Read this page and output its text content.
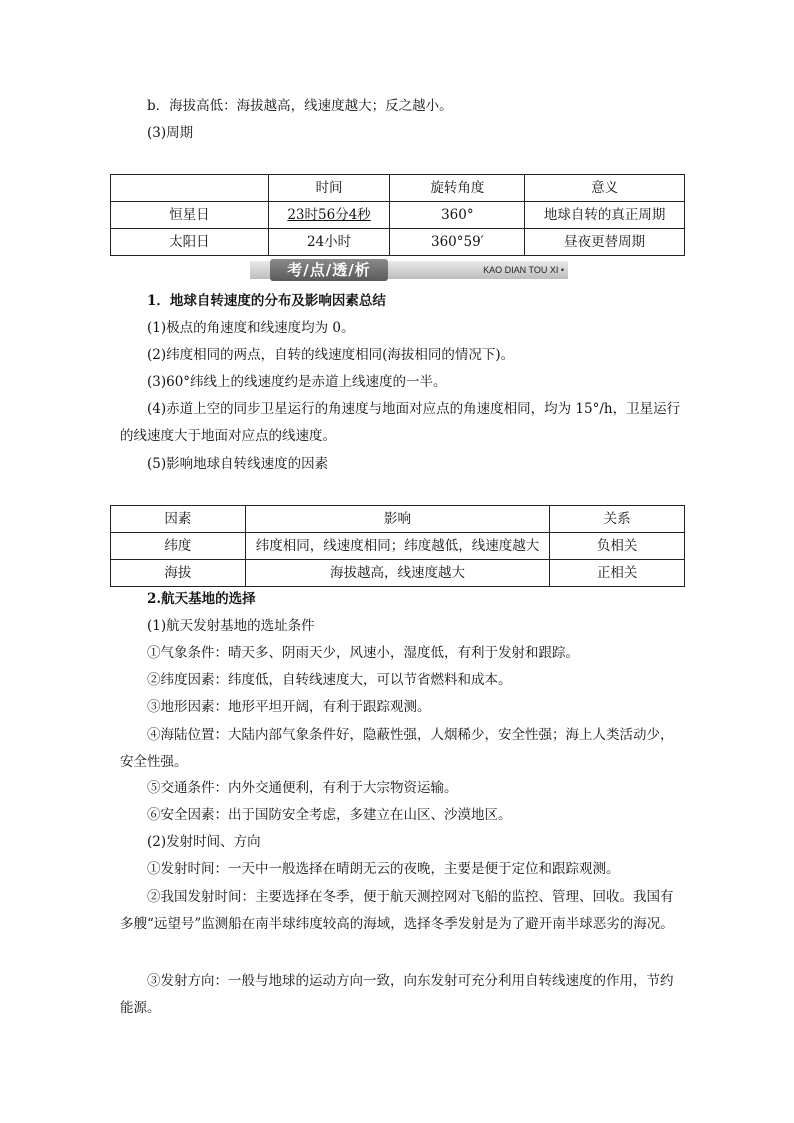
b．海拔高低：海拔越高，线速度越大；反之越小。
(3)周期
	时间	旋转角度	意义
恒星日	23时56分4秒	360°	地球自转的真正周期
太阳日	24小时	360°59′	昼夜更替周期
考/点/透/析	KAO DIAN TOU XI •
1．地球自转速度的分布及影响因素总结
(1)极点的角速度和线速度均为 0。
(2)纬度相同的两点，自转的线速度相同(海拔相同的情况下)。
(3)60°纬线上的线速度约是赤道上线速度的一半。
(4)赤道上空的同步卫星运行的角速度与地面对应点的角速度相同，均为 15°/h，卫星运行的线速度大于地面对应点的线速度。
(5)影响地球自转线速度的因素
因素	影响	关系
纬度	纬度相同，线速度相同；纬度越低，线速度越大	负相关
海拔	海拔越高，线速度越大	正相关
2.航天基地的选择
(1)航天发射基地的选址条件
①气象条件：晴天多、阴雨天少，风速小，湿度低，有利于发射和跟踪。
②纬度因素：纬度低，自转线速度大，可以节省燃料和成本。
③地形因素：地形平坦开阔，有利于跟踪观测。
④海陆位置：大陆内部气象条件好，隐蔽性强，人烟稀少，安全性强；海上人类活动少，安全性强。
⑤交通条件：内外交通便利，有利于大宗物资运输。
⑥安全因素：出于国防安全考虑，多建立在山区、沙漠地区。
(2)发射时间、方向
①发射时间：一天中一般选择在晴朗无云的夜晚，主要是便于定位和跟踪观测。
②我国发射时间：主要选择在冬季，便于航天测控网对飞船的监控、管理、回收。我国有多艘“远望号”监测船在南半球纬度较高的海域，选择冬季发射是为了避开南半球恶劣的海况。
③发射方向：一般与地球的运动方向一致，向东发射可充分利用自转线速度的作用，节约能源。
